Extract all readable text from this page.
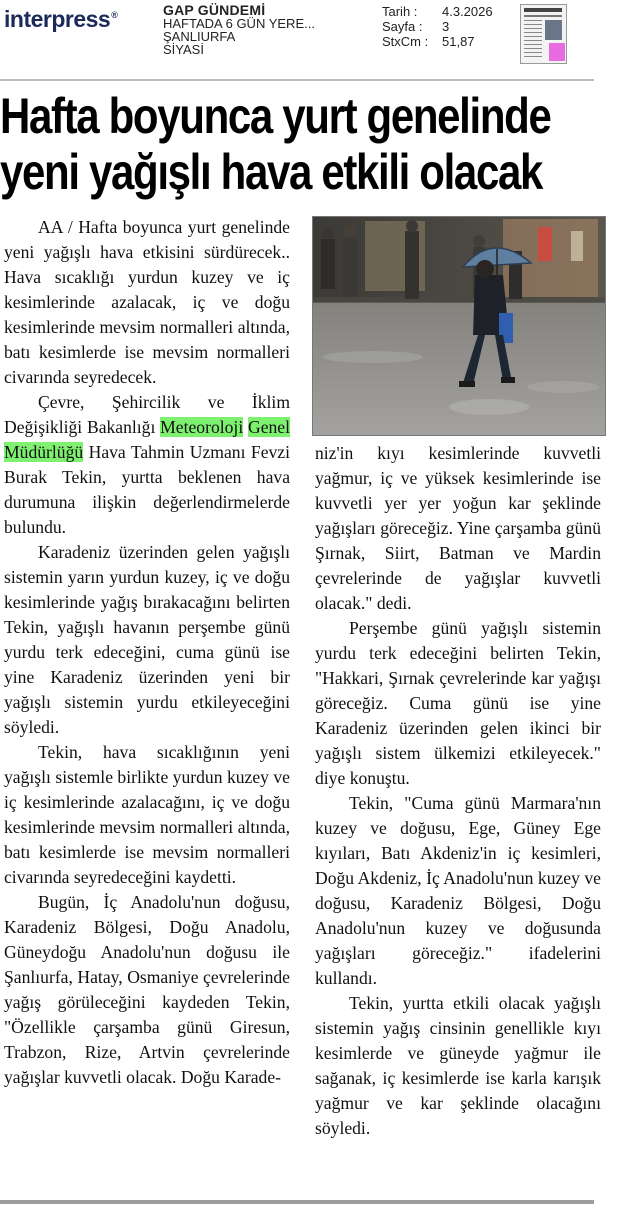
interpress®	GAP GÜNDEMİ
HAFTADA 6 GÜN YERE...
ŞANLIURFA
SİYASİ
Tarih :	4.3.2026
Sayfa :	3
StxCm : 51,87
Hafta boyunca yurt genelinde
yeni yağışlı hava etkili olacak

AA / Hafta boyunca yurt genelinde yeni yağışlı hava etkisini sürdürecek.. Hava sıcaklığı yurdun kuzey ve iç kesimlerinde azalacak, iç ve doğu kesimlerinde mevsim normalleri altında, batı kesimlerde ise mevsim normalleri civarında seyredecek.

Çevre, Şehircilik ve İklim Değişikliği Bakanlığı Meteoroloji Genel Müdürlüğü Hava Tahmin Uzmanı Fevzi Burak Tekin, yurtta beklenen hava durumuna ilişkin değerlendirmelerde bulundu.

Karadeniz üzerinden gelen yağışlı sistemin yarın yurdun kuzey, iç ve doğu kesimlerinde yağış bırakacağını belirten Tekin, yağışlı havanın perşembe günü yurdu terk edeceğini, cuma günü ise yine Karadeniz üzerinden yeni bir yağışlı sistemin yurdu etkileyeceğini söyledi.

Tekin, hava sıcaklığının yeni yağışlı sistemle birlikte yurdun kuzey ve iç kesimlerinde azalacağını, iç ve doğu kesimlerinde mevsim normalleri altında, batı kesimlerde ise mevsim normalleri civarında seyredeceğini kaydetti.

Bugün, İç Anadolu'nun doğusu, Karadeniz Bölgesi, Doğu Anadolu, Güneydoğu Anadolu'nun doğusu ile Şanlıurfa, Hatay, Osmaniye çevrelerinde yağış görüleceğini kaydeden Tekin, "Özellikle çarşamba günü Giresun, Trabzon, Rize, Artvin çevrelerinde yağışlar kuvvetli olacak. Doğu Karade-

niz'in kıyı kesimlerinde kuvvetli yağmur, iç ve yüksek kesimlerinde ise kuvvetli yer yer yoğun kar şeklinde yağışları göreceğiz. Yine çarşamba günü Şırnak, Siirt, Batman ve Mardin çevrelerinde de yağışlar kuvvetli olacak." dedi.

Perşembe günü yağışlı sistemin yurdu terk edeceğini belirten Tekin, "Hakkari, Şırnak çevrelerinde kar yağışı göreceğiz. Cuma günü ise yine Karadeniz üzerinden gelen ikinci bir yağışlı sistem ülkemizi etkileyecek." diye konuştu.

Tekin, "Cuma günü Marmara'nın kuzey ve doğusu, Ege, Güney Ege kıyıları, Batı Akdeniz'in iç kesimleri, Doğu Akdeniz, İç Anadolu'nun kuzey ve doğusu, Karadeniz Bölgesi, Doğu Anadolu'nun kuzey ve doğusunda yağışları göreceğiz." ifadelerini kullandı.

Tekin, yurtta etkili olacak yağışlı sistemin yağış cinsinin genellikle kıyı kesimlerde ve güneyde yağmur ile sağanak, iç kesimlerde ise karla karışık yağmur ve kar şeklinde olacağını söyledi.
